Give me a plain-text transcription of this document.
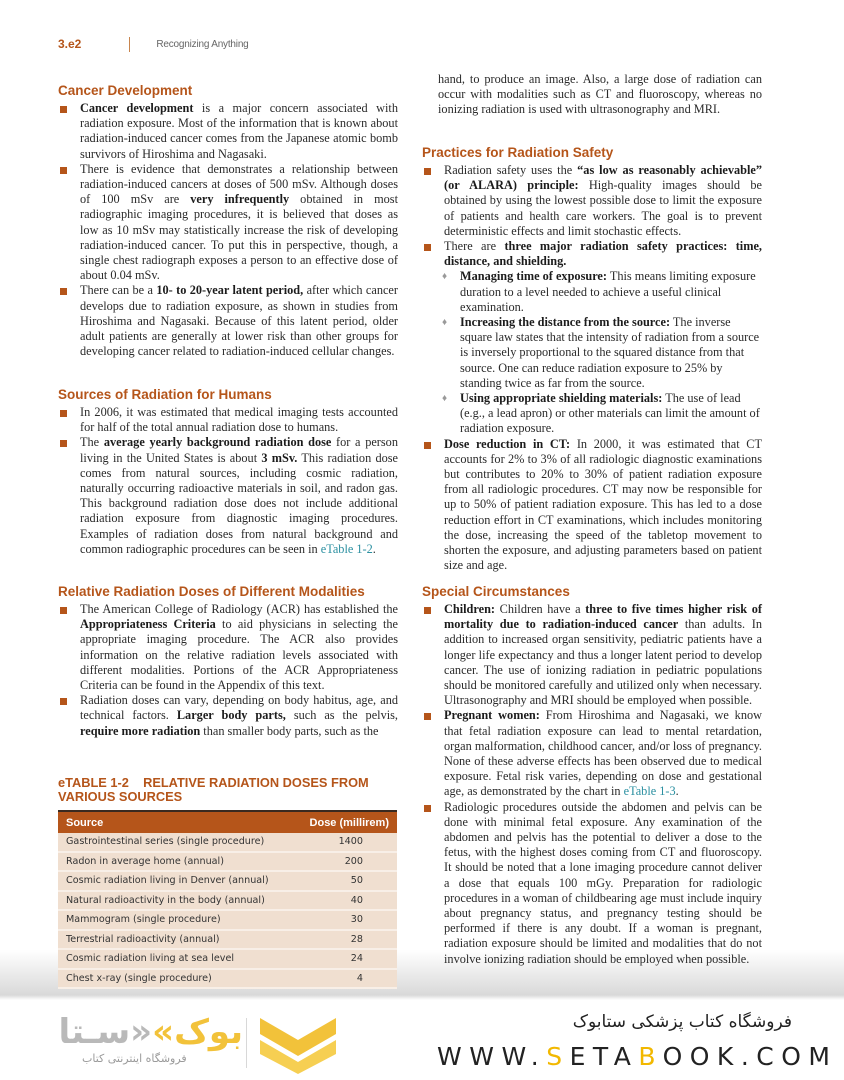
3.e2	Recognizing Anything
Cancer Development

Cancer development is a major concern associated with radiation exposure. Most of the information that is known about radiation-induced cancer comes from the Japanese atomic bomb survivors of Hiroshima and Nagasaki.

There is evidence that demonstrates a relationship between radiation-induced cancers at doses of 500 mSv. Although doses of 100 mSv are very infrequently obtained in most radiographic imaging procedures, it is believed that doses as low as 10 mSv may statistically increase the risk of developing radiation-induced cancer. To put this in perspective, though, a single chest radiograph exposes a person to an effective dose of about 0.04 mSv.

There can be a 10- to 20-year latent period, after which cancer develops due to radiation exposure, as shown in studies from Hiroshima and Nagasaki. Because of this latent period, older adult patients are generally at lower risk than other groups for developing cancer related to radiation-induced cellular changes.

Sources of Radiation for Humans

In 2006, it was estimated that medical imaging tests accounted for half of the total annual radiation dose to humans.

The average yearly background radiation dose for a person living in the United States is about 3 mSv. This radiation dose comes from natural sources, including cosmic radiation, naturally occurring radioactive materials in soil, and radon gas. This background radiation dose does not include additional radiation exposure from diagnostic imaging procedures. Examples of radiation doses from natural background and common radiographic procedures can be seen in eTable 1-2.

Relative Radiation Doses of Different Modalities

The American College of Radiology (ACR) has established the Appropriateness Criteria to aid physicians in selecting the appropriate imaging procedure. The ACR also provides information on the relative radiation levels associated with different modalities. Portions of the ACR Appropriateness Criteria can be found in the Appendix of this text.

Radiation doses can vary, depending on body habitus, age, and technical factors. Larger body parts, such as the pelvis, require more radiation than smaller body parts, such as the

eTABLE 1-2    RELATIVE RADIATION DOSES FROM VARIOUS SOURCES
Source	Dose (millirem)
Gastrointestinal series (single procedure)	1400
Radon in average home (annual)	200
Cosmic radiation living in Denver (annual)	50
Natural radioactivity in the body (annual)	40
Mammogram (single procedure)	30
Terrestrial radioactivity (annual)	28
Cosmic radiation living at sea level	24
Chest x-ray (single procedure)	4

hand, to produce an image. Also, a large dose of radiation can occur with modalities such as CT and fluoroscopy, whereas no ionizing radiation is used with ultrasonography and MRI.

Practices for Radiation Safety

Radiation safety uses the “as low as reasonably achievable” (or ALARA) principle: High-quality images should be obtained by using the lowest possible dose to limit the exposure of patients and health care workers. The goal is to prevent deterministic effects and limit stochastic effects.

There are three major radiation safety practices: time, distance, and shielding.

♦ Managing time of exposure: This means limiting exposure duration to a level needed to achieve a useful clinical examination.

♦ Increasing the distance from the source: The inverse square law states that the intensity of radiation from a source is inversely proportional to the squared distance from that source. One can reduce radiation exposure to 25% by standing twice as far from the source.

♦ Using appropriate shielding materials: The use of lead (e.g., a lead apron) or other materials can limit the amount of radiation exposure.

Dose reduction in CT: In 2000, it was estimated that CT accounts for 2% to 3% of all radiologic diagnostic examinations but contributes to 20% to 30% of patient radiation exposure from all radiologic procedures. CT may now be responsible for up to 50% of patient radiation exposure. This has led to a dose reduction effort in CT examinations, which includes monitoring the dose, increasing the speed of the tabletop movement to shorten the exposure, and adjusting parameters based on patient size and age.

Special Circumstances

Children: Children have a three to five times higher risk of mortality due to radiation-induced cancer than adults. In addition to increased organ sensitivity, pediatric patients have a longer life expectancy and thus a longer latent period to develop cancer. The use of ionizing radiation in pediatric populations should be monitored carefully and utilized only when necessary. Ultrasonography and MRI should be employed when possible.

Pregnant women: From Hiroshima and Nagasaki, we know that fetal radiation exposure can lead to mental retardation, organ malformation, childhood cancer, and/or loss of pregnancy. None of these adverse effects has been observed due to medical exposure. Fetal risk varies, depending on dose and gestational age, as demonstrated by the chart in eTable 1-3.

Radiologic procedures outside the abdomen and pelvis can be done with minimal fetal exposure. Any examination of the abdomen and pelvis has the potential to deliver a dose to the fetus, with the highest doses coming from CT and fluoroscopy. It should be noted that a lone imaging procedure cannot deliver a dose that equals 100 mGy. Preparation for radiologic procedures in a woman of childbearing age must include inquiry about pregnancy status, and pregnancy testing should be performed if there is any doubt. If a woman is pregnant, radiation exposure should be limited and modalities that do not involve ionizing radiation should be employed when possible.

بوک»«سـتا
فروشگاه اینترنتی کتاب
فروشگاه کتاب پزشکی ستابوک
WWW.SETABOOK.COM
